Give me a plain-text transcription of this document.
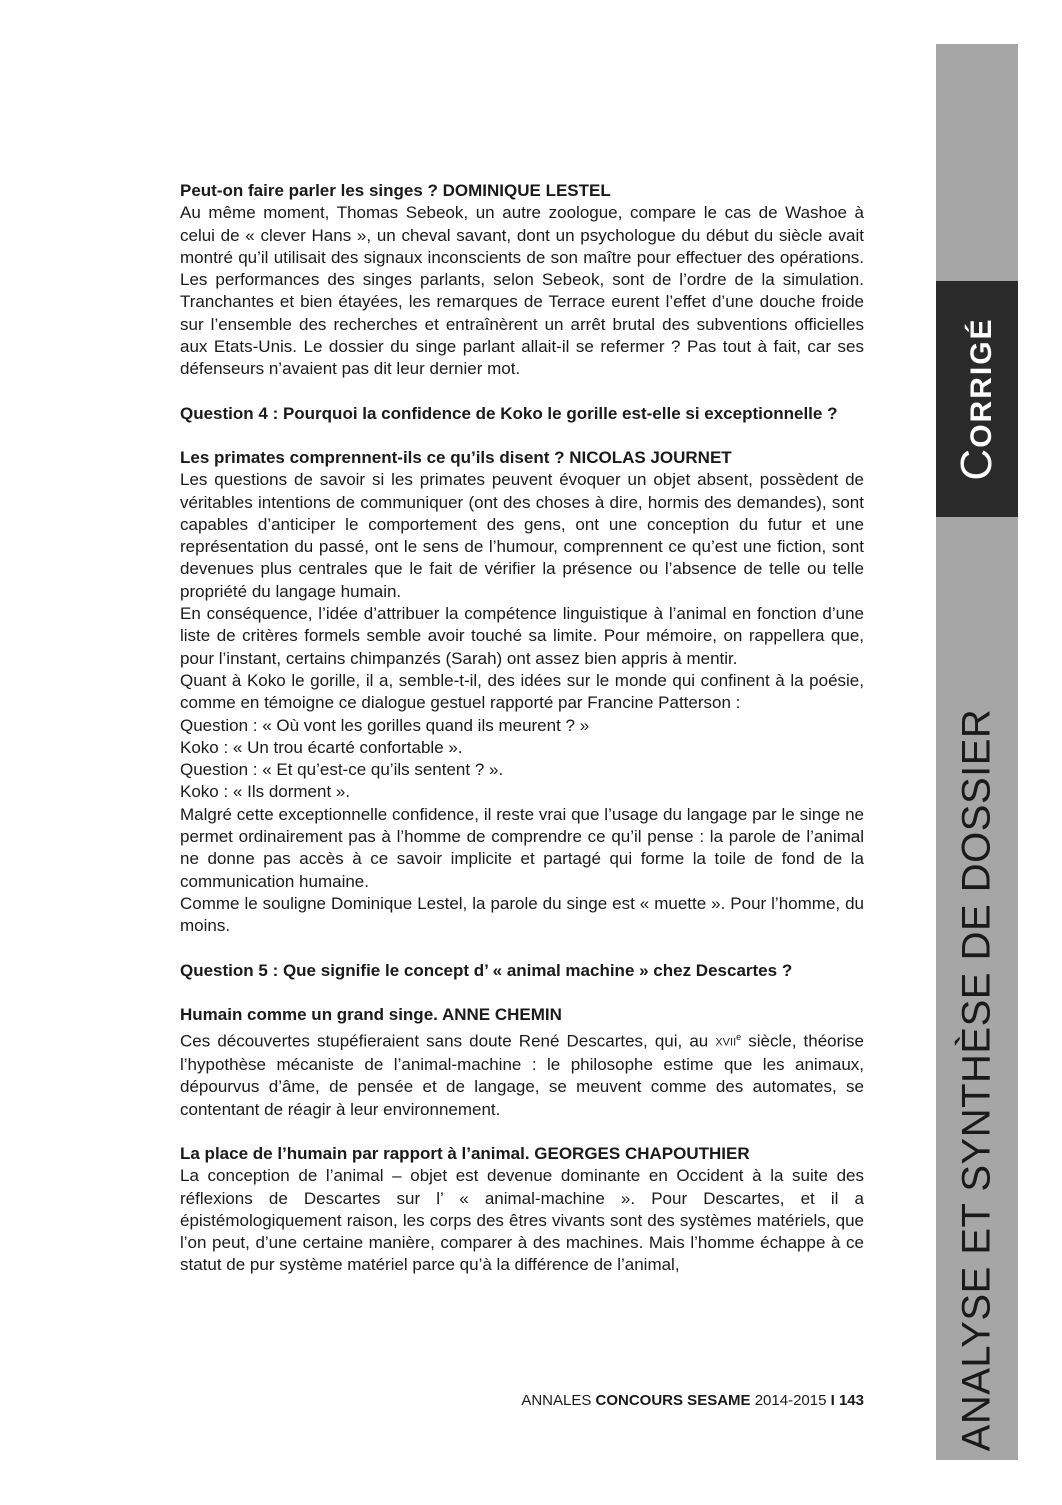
CORRIGÉ
ANALYSE ET SYNTHÈSE DE DOSSIER

Peut-on faire parler les singes ? DOMINIQUE LESTEL

Au même moment, Thomas Sebeok, un autre zoologue, compare le cas de Washoe à celui de « clever Hans », un cheval savant, dont un psychologue du début du siècle avait montré qu’il utilisait des signaux inconscients de son maître pour effectuer des opérations. Les performances des singes parlants, selon Sebeok, sont de l’ordre de la simulation. Tranchantes et bien étayées, les remarques de Terrace eurent l’effet d’une douche froide sur l’ensemble des recherches et entraînèrent un arrêt brutal des subventions officielles aux Etats-Unis. Le dossier du singe parlant allait-il se refermer ? Pas tout à fait, car ses défenseurs n’avaient pas dit leur dernier mot.

Question 4 : Pourquoi la confidence de Koko le gorille est-elle si exceptionnelle ?

Les primates comprennent-ils ce qu’ils disent ? NICOLAS JOURNET

Les questions de savoir si les primates peuvent évoquer un objet absent, possèdent de véritables intentions de communiquer (ont des choses à dire, hormis des demandes), sont capables d’anticiper le comportement des gens, ont une conception du futur et une représentation du passé, ont le sens de l’humour, comprennent ce qu’est une fiction, sont devenues plus centrales que le fait de vérifier la présence ou l’absence de telle ou telle propriété du langage humain.

En conséquence, l’idée d’attribuer la compétence linguistique à l’animal en fonction d’une liste de critères formels semble avoir touché sa limite. Pour mémoire, on rappellera que, pour l’instant, certains chimpanzés (Sarah) ont assez bien appris à mentir.

Quant à Koko le gorille, il a, semble-t-il, des idées sur le monde qui confinent à la poésie, comme en témoigne ce dialogue gestuel rapporté par Francine Patterson :

Question : « Où vont les gorilles quand ils meurent ? »

Koko : « Un trou écarté confortable ».

Question : « Et qu’est-ce qu’ils sentent ? ».

Koko : « Ils dorment ».

Malgré cette exceptionnelle confidence, il reste vrai que l’usage du langage par le singe ne permet ordinairement pas à l’homme de comprendre ce qu’il pense : la parole de l’animal ne donne pas accès à ce savoir implicite et partagé qui forme la toile de fond de la communication humaine.

Comme le souligne Dominique Lestel, la parole du singe est « muette ». Pour l’homme, du moins.

Question 5 : Que signifie le concept d’ « animal machine » chez Descartes ?

Humain comme un grand singe. ANNE CHEMIN

Ces découvertes stupéfieraient sans doute René Descartes, qui, au XVIIe siècle, théorise l’hypothèse mécaniste de l’animal-machine : le philosophe estime que les animaux, dépourvus d’âme, de pensée et de langage, se meuvent comme des automates, se contentant de réagir à leur environnement.

La place de l’humain par rapport à l’animal. GEORGES CHAPOUTHIER

La conception de l’animal – objet est devenue dominante en Occident à la suite des réflexions de Descartes sur l’ « animal-machine ». Pour Descartes, et il a épistémologiquement raison, les corps des êtres vivants sont des systèmes matériels, que l’on peut, d’une certaine manière, comparer à des machines. Mais l’homme échappe à ce statut de pur système matériel parce qu’à la différence de l’animal,

ANNALES CONCOURS SESAME 2014-2015 I 143
